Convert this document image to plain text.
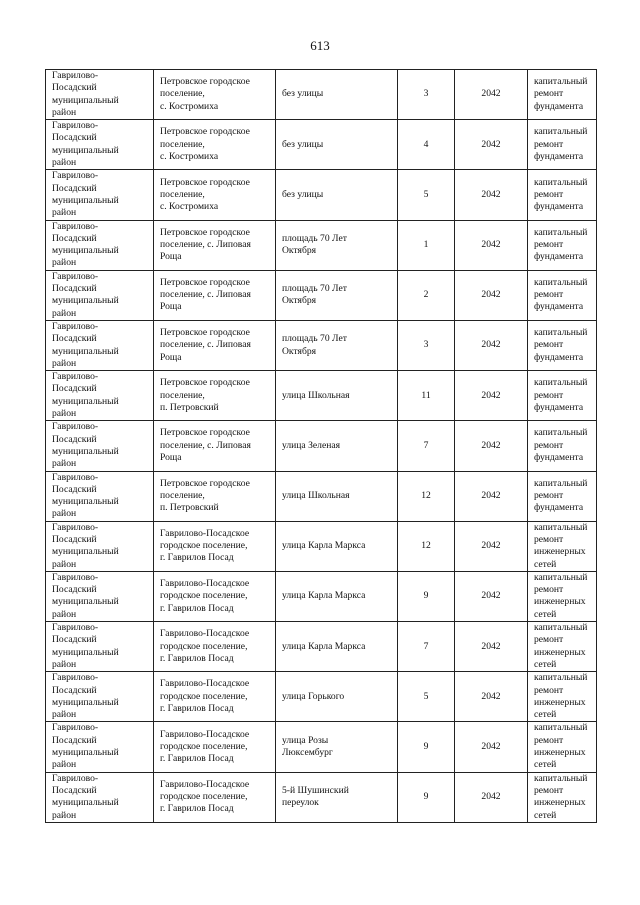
613
Гаврилово-
Посадский
муниципальный
район	Петровское городское
поселение,
с. Костромиха	без улицы	3	2042	капитальный
ремонт
фундамента
Гаврилово-
Посадский
муниципальный
район	Петровское городское
поселение,
с. Костромиха	без улицы	4	2042	капитальный
ремонт
фундамента
Гаврилово-
Посадский
муниципальный
район	Петровское городское
поселение,
с. Костромиха	без улицы	5	2042	капитальный
ремонт
фундамента
Гаврилово-
Посадский
муниципальный
район	Петровское городское
поселение, с. Липовая
Роща	площадь 70 Лет
Октября	1	2042	капитальный
ремонт
фундамента
Гаврилово-
Посадский
муниципальный
район	Петровское городское
поселение, с. Липовая
Роща	площадь 70 Лет
Октября	2	2042	капитальный
ремонт
фундамента
Гаврилово-
Посадский
муниципальный
район	Петровское городское
поселение, с. Липовая
Роща	площадь 70 Лет
Октября	3	2042	капитальный
ремонт
фундамента
Гаврилово-
Посадский
муниципальный
район	Петровское городское
поселение,
п. Петровский	улица Школьная	11	2042	капитальный
ремонт
фундамента
Гаврилово-
Посадский
муниципальный
район	Петровское городское
поселение, с. Липовая
Роща	улица Зеленая	7	2042	капитальный
ремонт
фундамента
Гаврилово-
Посадский
муниципальный
район	Петровское городское
поселение,
п. Петровский	улица Школьная	12	2042	капитальный
ремонт
фундамента
Гаврилово-
Посадский
муниципальный
район	Гаврилово-Посадское
городское поселение,
г. Гаврилов Посад	улица Карла Маркса	12	2042	капитальный
ремонт
инженерных
сетей
Гаврилово-
Посадский
муниципальный
район	Гаврилово-Посадское
городское поселение,
г. Гаврилов Посад	улица Карла Маркса	9	2042	капитальный
ремонт
инженерных
сетей
Гаврилово-
Посадский
муниципальный
район	Гаврилово-Посадское
городское поселение,
г. Гаврилов Посад	улица Карла Маркса	7	2042	капитальный
ремонт
инженерных
сетей
Гаврилово-
Посадский
муниципальный
район	Гаврилово-Посадское
городское поселение,
г. Гаврилов Посад	улица Горького	5	2042	капитальный
ремонт
инженерных
сетей
Гаврилово-
Посадский
муниципальный
район	Гаврилово-Посадское
городское поселение,
г. Гаврилов Посад	улица Розы
Люксембург	9	2042	капитальный
ремонт
инженерных
сетей
Гаврилово-
Посадский
муниципальный
район	Гаврилово-Посадское
городское поселение,
г. Гаврилов Посад	5-й Шушинский
переулок	9	2042	капитальный
ремонт
инженерных
сетей
